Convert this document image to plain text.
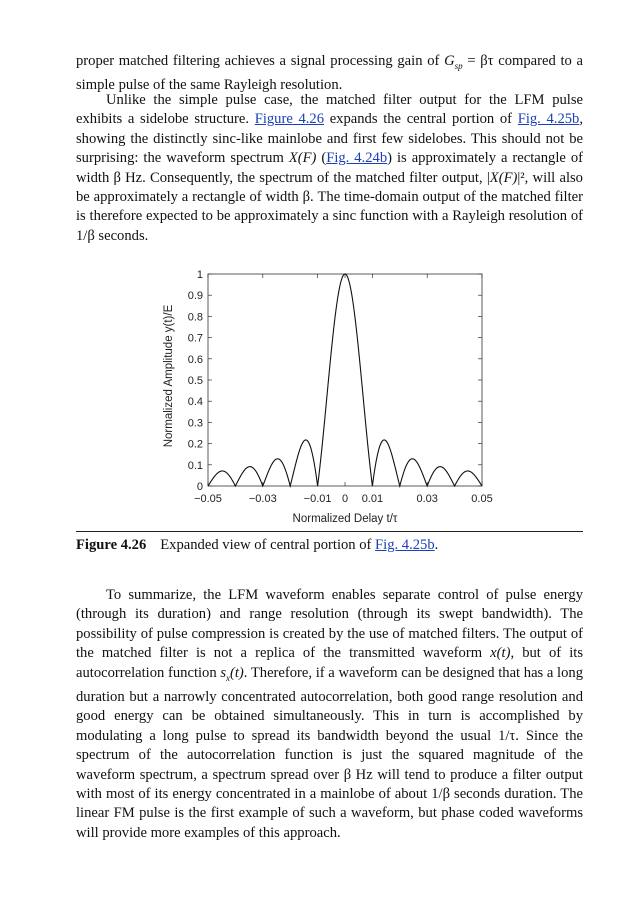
proper matched filtering achieves a signal processing gain of $G_{sp} = \beta\tau$ compared to a simple pulse of the same Rayleigh resolution.

Unlike the simple pulse case, the matched filter output for the LFM pulse exhibits a sidelobe structure. Figure 4.26 expands the central portion of Fig. 4.25b, showing the distinctly sinc-like mainlobe and first few sidelobes. This should not be surprising: the waveform spectrum X(F) (Fig. 4.24b) is approximately a rectangle of width β Hz. Consequently, the spectrum of the matched filter output, |X(F)|², will also be approximately a rectangle of width β. The time-domain output of the matched filter is therefore expected to be approximately a sinc function with a Rayleigh resolution of 1/β seconds.

0
0.1
0.2
0.3
0.4
0.5
0.6
0.7
0.8
0.9
1
−0.05 −0.03 −0.01 0 0.01	0.03	0.05
Normalized Delay t/τ
Normalized Amplitude y(t)/E

Figure 4.26 Expanded view of central portion of Fig. 4.25b.

To summarize, the LFM waveform enables separate control of pulse energy (through its duration) and range resolution (through its swept bandwidth). The possibility of pulse compression is created by the use of matched filters. The output of the matched filter is not a replica of the transmitted waveform x(t), but of its autocorrelation function $s_x(t)$. Therefore, if a waveform can be designed that has a long duration but a narrowly concentrated autocorrelation, both good range resolution and good energy can be obtained simultaneously. This in turn is accomplished by modulating a long pulse to spread its bandwidth beyond the usual 1/τ. Since the spectrum of the autocorrelation function is just the squared magnitude of the waveform spectrum, a spectrum spread over β Hz will tend to produce a filter output with most of its energy concentrated in a mainlobe of about 1/β seconds duration. The linear FM pulse is the first example of such a waveform, but phase coded waveforms will provide more examples of this approach.
